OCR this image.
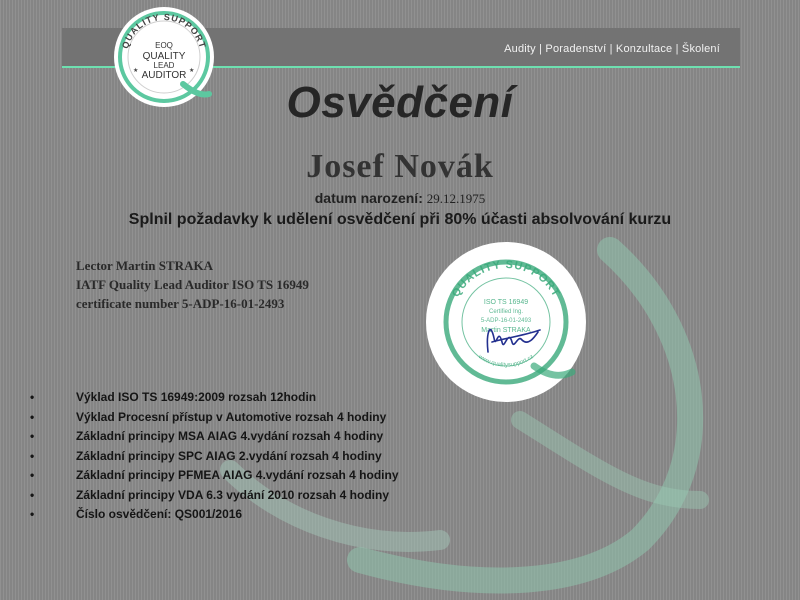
Audity | Poradenství | Konzultace | Školení
QUALITY SUPPORT
EOQ
QUALITY
LEAD
AUDITOR
★	★
Osvědčení
Josef Novák
datum narození: 29.12.1975
Splnil požadavky k udělení osvědčení při 80% účasti absolvování kurzu
Lector Martin STRAKA
IATF Quality Lead Auditor ISO TS 16949
certificate number 5-ADP-16-01-2493
QUALITY SUPPORT
www.qualitysupport.cz
ISO TS 16949
Certified Ing.
5-ADP-16-01-2493
Martin STRAKA
•	Výklad ISO TS 16949:2009 rozsah 12hodin
•	Výklad Procesní přístup v Automotive rozsah 4 hodiny
•	Základní principy MSA AIAG 4.vydání rozsah 4 hodiny
•	Základní principy SPC AIAG 2.vydání rozsah 4 hodiny
•	Základní principy PFMEA AIAG 4.vydání rozsah 4 hodiny
•	Základní principy VDA 6.3 vydání 2010 rozsah 4 hodiny
•	Číslo osvědčení: QS001/2016
